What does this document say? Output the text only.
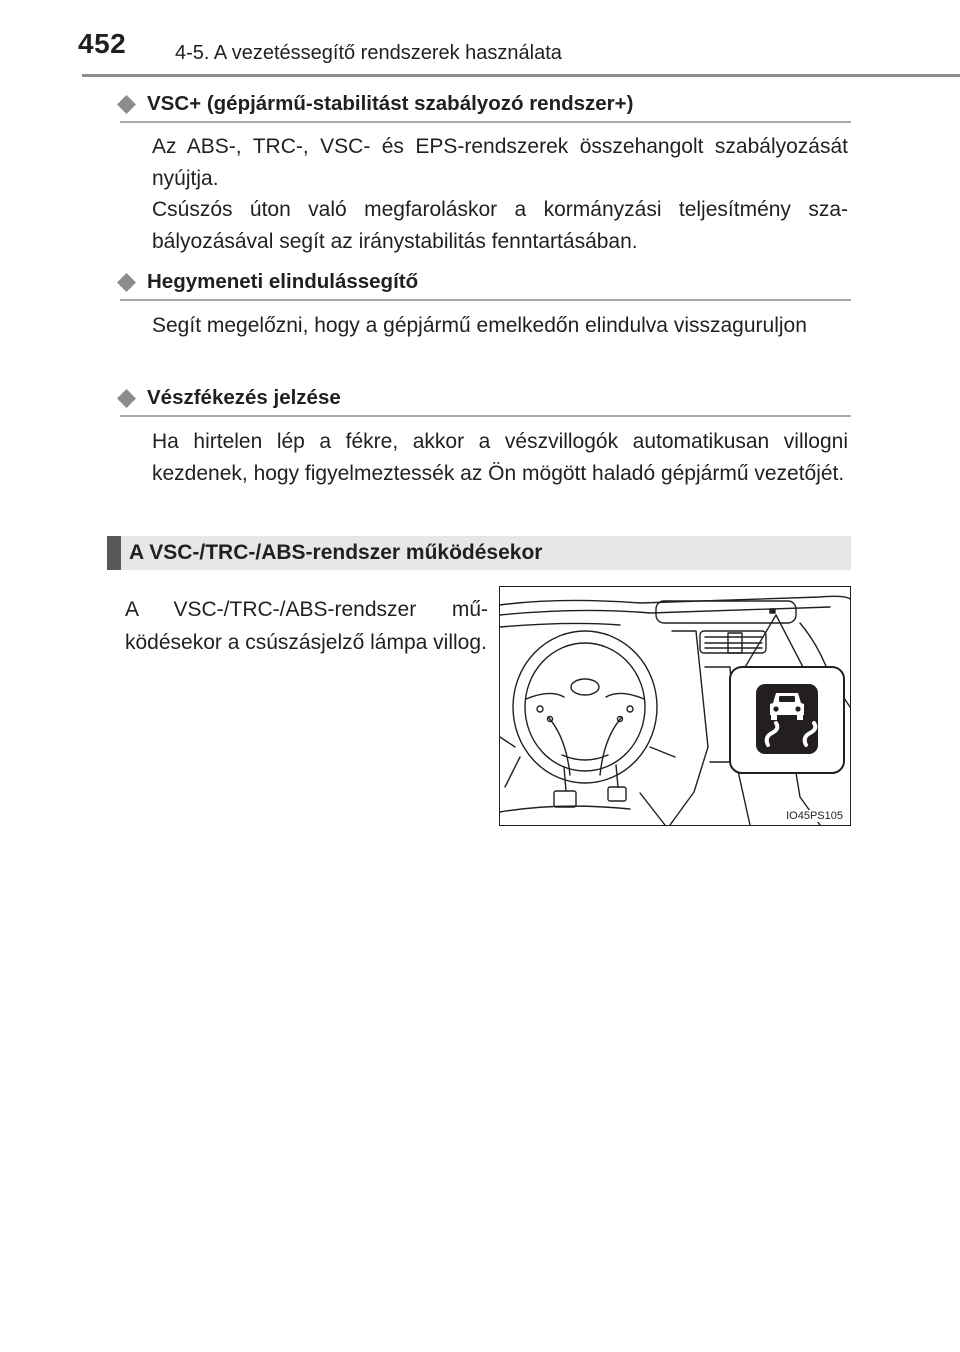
452 4-5. A vezetéssegítő rendszerek használata
VSC+ (gépjármű-stabilitást szabályozó rendszer+)
Az ABS-, TRC-, VSC- és EPS-rendszerek összehangolt szabályozását nyújtja.
Csúszós úton való megfaroláskor a kormányzási teljesítmény szabályozásával segít az iránystabilitás fenntartásában.
Hegymeneti elindulássegítő
Segít megelőzni, hogy a gépjármű emelkedőn elindulva visszaguruljon
Vészfékezés jelzése
Ha hirtelen lép a fékre, akkor a vészvillogók automatikusan villogni kezdenek, hogy figyelmeztessék az Ön mögött haladó gépjármű vezetőjét.
A VSC-/TRC-/ABS-rendszer működésekor
A VSC-/TRC-/ABS-rendszer működésekor a csúszásjelző lámpa villog.
IO45PS105
